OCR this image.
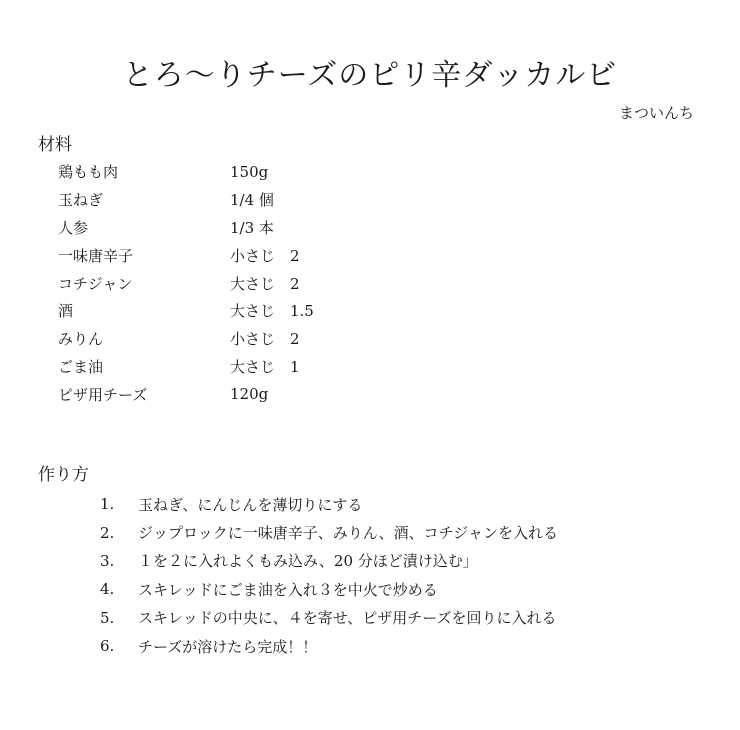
とろ〜りチーズのピリ辛ダッカルビ
まついんち
材料
鶏もも肉	150g
玉ねぎ	1/4 個
人参	1/3 本
一味唐辛子	小さじ　2
コチジャン	大さじ　2
酒	大さじ　1.5
みりん	小さじ　2
ごま油	大さじ　1
ピザ用チーズ	120g
作り方
1.	玉ねぎ、にんじんを薄切りにする
2.	ジップロックに一味唐辛子、みりん、酒、コチジャンを入れる
3.	１を２に入れよくもみ込み、20 分ほど漬け込む」
4.	スキレッドにごま油を入れ３を中火で炒める
5.	スキレッドの中央に、４を寄せ、ピザ用チーズを回りに入れる
6.	チーズが溶けたら完成！！
